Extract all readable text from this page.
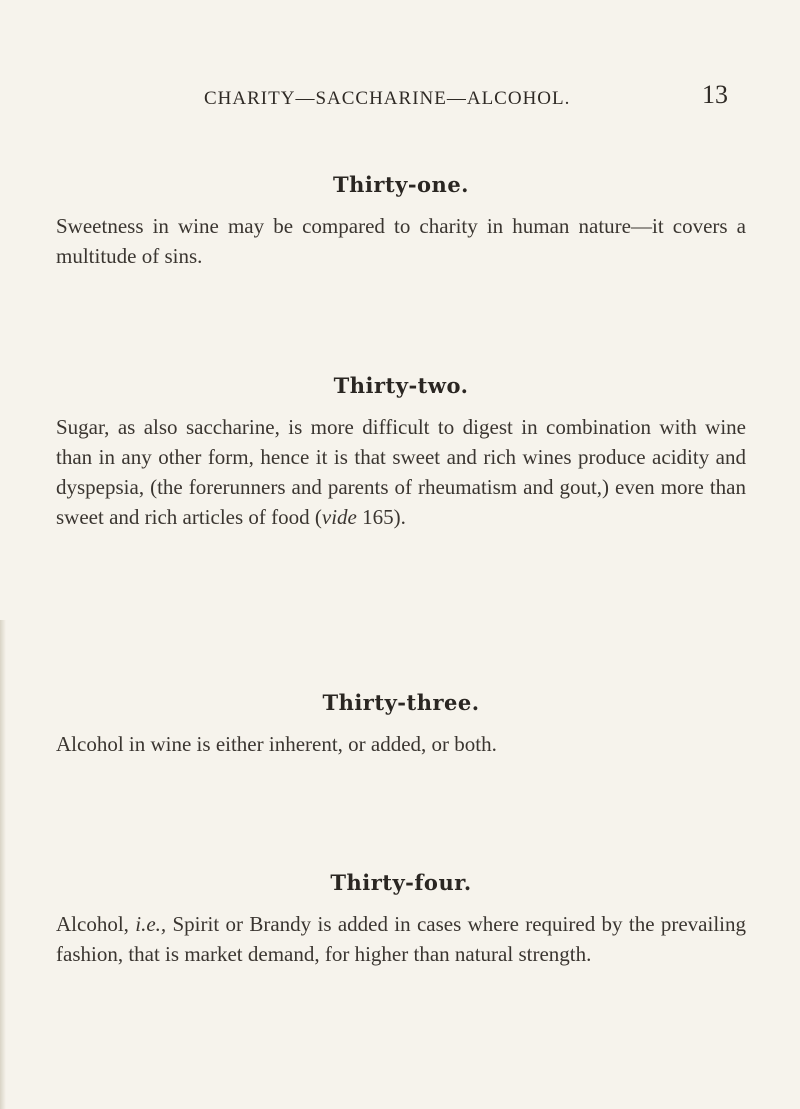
CHARITY—SACCHARINE—ALCOHOL.	13
Thirty-one.

Sweetness in wine may be compared to charity in human nature—it covers a multitude of sins.

Thirty-two.

Sugar, as also saccharine, is more difficult to digest in combination with wine than in any other form, hence it is that sweet and rich wines produce acidity and dyspepsia, (the forerunners and parents of rheumatism and gout,) even more than sweet and rich articles of food (vide 165).

Thirty-three.

Alcohol in wine is either inherent, or added, or both.

Thirty-four.

Alcohol, i.e., Spirit or Brandy is added in cases where required by the prevailing fashion, that is market demand, for higher than natural strength.
